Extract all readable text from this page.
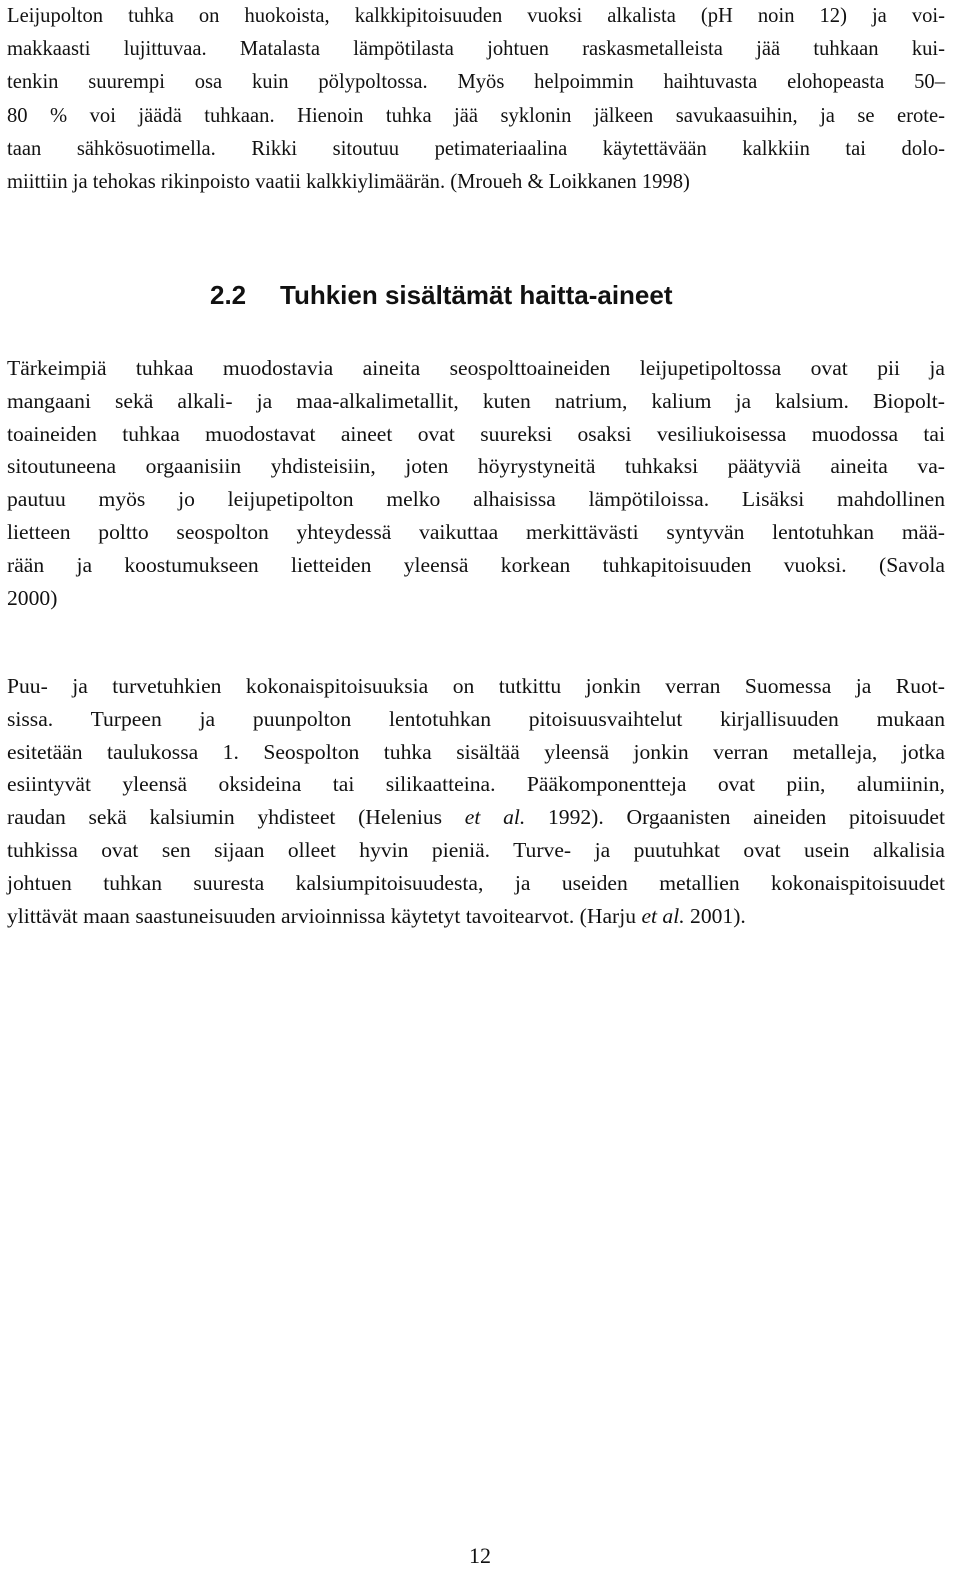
Leijupolton tuhka on huokoista, kalkkipitoisuuden vuoksi alkalista (pH noin 12) ja voi-
makkaasti lujittuvaa. Matalasta lämpötilasta johtuen raskasmetalleista jää tuhkaan kui-
tenkin suurempi osa kuin pölypoltossa. Myös helpoimmin haihtuvasta elohopeasta 50–
80 % voi jäädä tuhkaan. Hienoin tuhka jää syklonin jälkeen savukaasuihin, ja se erote-
taan sähkösuotimella. Rikki sitoutuu petimateriaalina käytettävään kalkkiin tai dolo-
miittiin ja tehokas rikinpoisto vaatii kalkkiylimäärän. (Mroueh & Loikkanen 1998)

2.2 Tuhkien sisältämät haitta-aineet

Tärkeimpiä tuhkaa muodostavia aineita seospolttoaineiden leijupetipoltossa ovat pii ja
mangaani sekä alkali- ja maa-alkalimetallit, kuten natrium, kalium ja kalsium. Biopolt-
toaineiden tuhkaa muodostavat aineet ovat suureksi osaksi vesiliukoisessa muodossa tai
sitoutuneena orgaanisiin yhdisteisiin, joten höyrystyneitä tuhkaksi päätyviä aineita va-
pautuu myös jo leijupetipolton melko alhaisissa lämpötiloissa. Lisäksi mahdollinen
lietteen poltto seospolton yhteydessä vaikuttaa merkittävästi syntyvän lentotuhkan mää-
rään ja koostumukseen lietteiden yleensä korkean tuhkapitoisuuden vuoksi. (Savola
2000)

Puu- ja turvetuhkien kokonaispitoisuuksia on tutkittu jonkin verran Suomessa ja Ruot-
sissa. Turpeen ja puunpolton lentotuhkan pitoisuusvaihtelut kirjallisuuden mukaan
esitetään taulukossa 1. Seospolton tuhka sisältää yleensä jonkin verran metalleja, jotka
esiintyvät yleensä oksideina tai silikaatteina. Pääkomponentteja ovat piin, alumiinin,
raudan sekä kalsiumin yhdisteet (Helenius et al. 1992). Orgaanisten aineiden pitoisuudet
tuhkissa ovat sen sijaan olleet hyvin pieniä. Turve- ja puutuhkat ovat usein alkalisia
johtuen tuhkan suuresta kalsiumpitoisuudesta, ja useiden metallien kokonaispitoisuudet
ylittävät maan saastuneisuuden arvioinnissa käytetyt tavoitearvot. (Harju et al. 2001).

12
